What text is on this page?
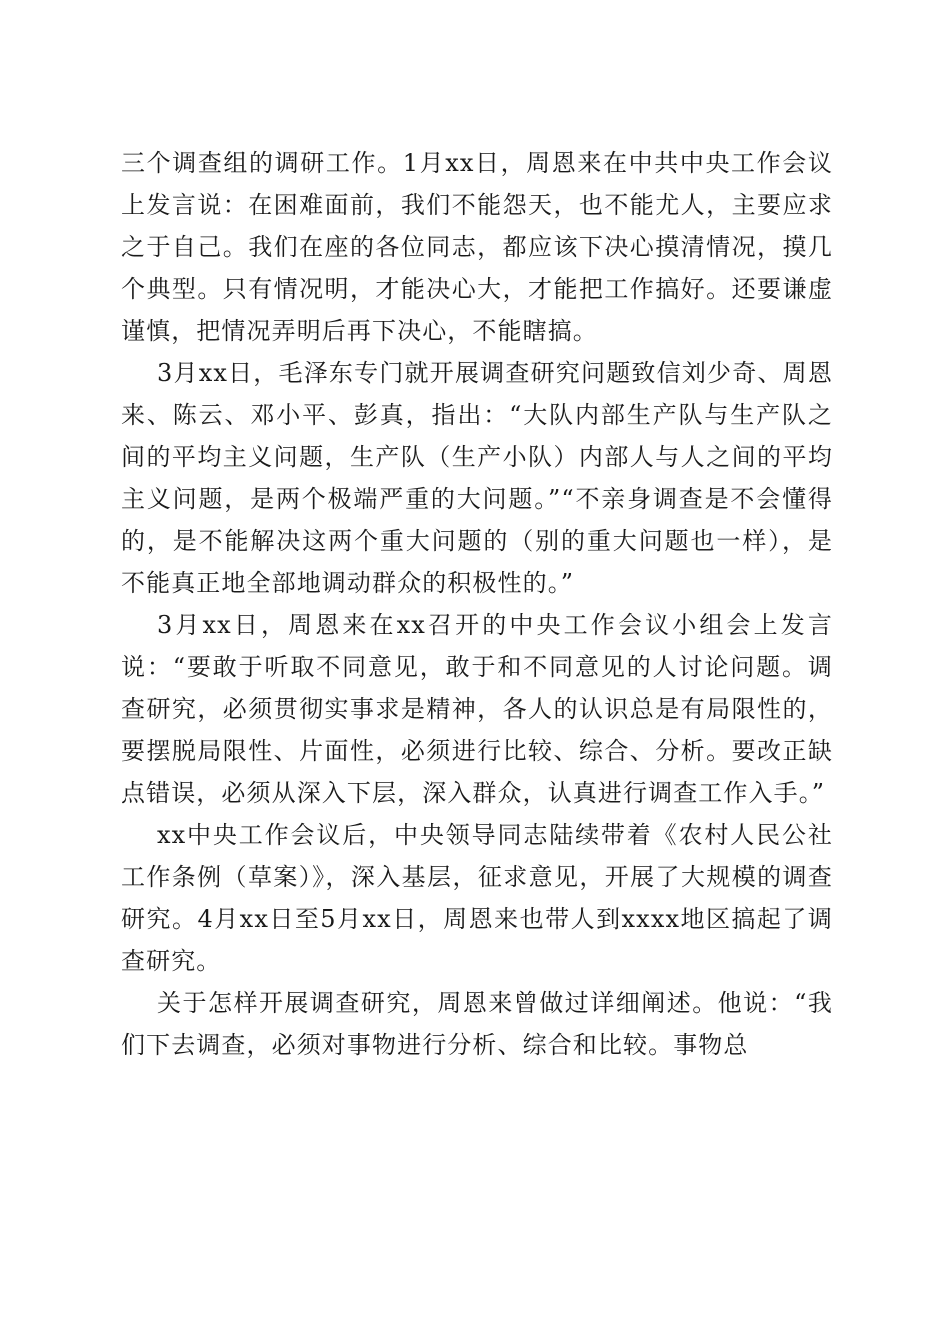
三个调查组的调研工作。1月xx日，周恩来在中共中央工作会议上发言说：在困难面前，我们不能怨天，也不能尤人，主要应求之于自己。我们在座的各位同志，都应该下决心摸清情况，摸几个典型。只有情况明，才能决心大，才能把工作搞好。还要谦虚谨慎，把情况弄明后再下决心，不能瞎搞。

3月xx日，毛泽东专门就开展调查研究问题致信刘少奇、周恩来、陈云、邓小平、彭真，指出：“大队内部生产队与生产队之间的平均主义问题，生产队（生产小队）内部人与人之间的平均主义问题，是两个极端严重的大问题。”“不亲身调查是不会懂得的，是不能解决这两个重大问题的（别的重大问题也一样），是不能真正地全部地调动群众的积极性的。”

3月xx日，周恩来在xx召开的中央工作会议小组会上发言说：“要敢于听取不同意见，敢于和不同意见的人讨论问题。调查研究，必须贯彻实事求是精神，各人的认识总是有局限性的，要摆脱局限性、片面性，必须进行比较、综合、分析。要改正缺点错误，必须从深入下层，深入群众，认真进行调查工作入手。”

xx中央工作会议后，中央领导同志陆续带着《农村人民公社工作条例（草案）》，深入基层，征求意见，开展了大规模的调查研究。4月xx日至5月xx日，周恩来也带人到xxxx地区搞起了调查研究。

关于怎样开展调查研究，周恩来曾做过详细阐述。他说：“我们下去调查，必须对事物进行分析、综合和比较。事物总
